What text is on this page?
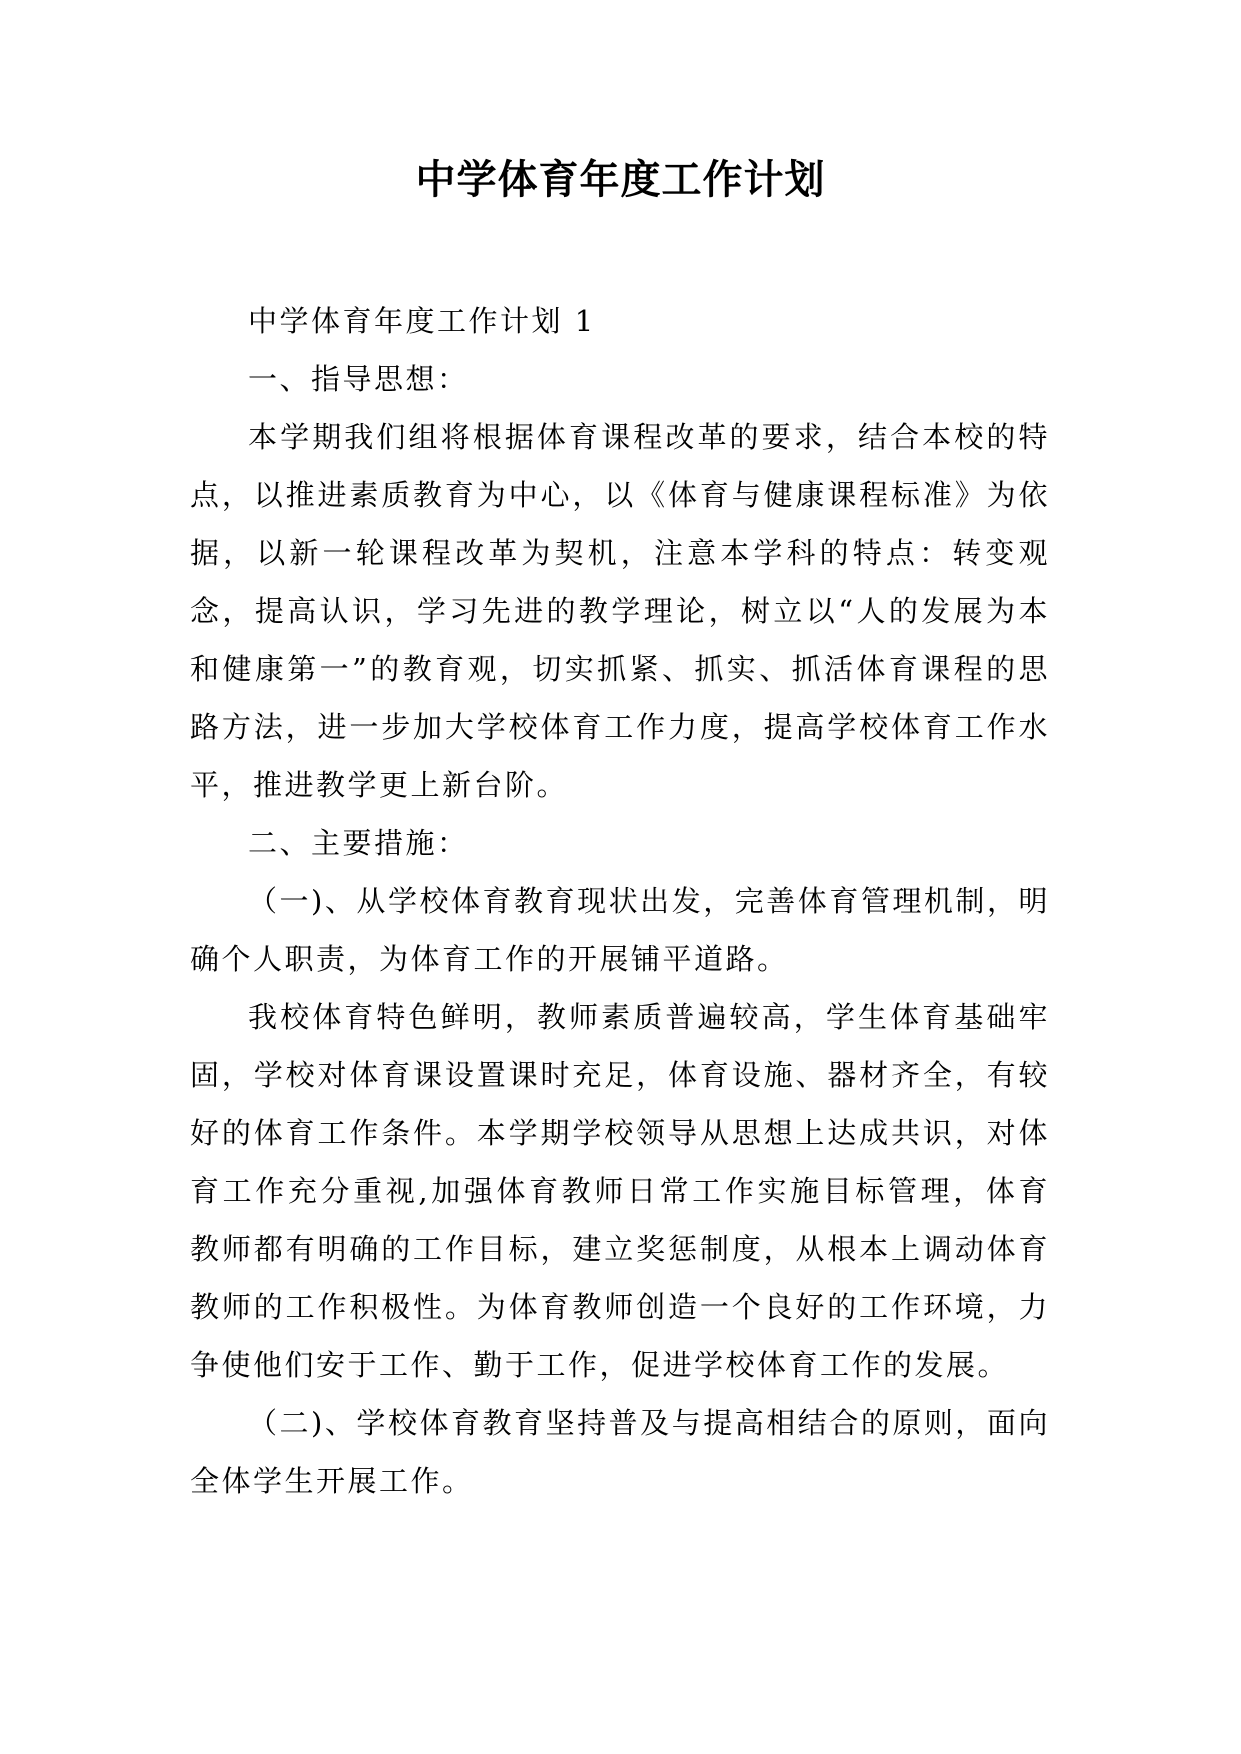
中学体育年度工作计划

中学体育年度工作计划 1

一、指导思想：

本学期我们组将根据体育课程改革的要求，结合本校的特点，以推进素质教育为中心，以《体育与健康课程标准》为依据，以新一轮课程改革为契机，注意本学科的特点：转变观念，提高认识，学习先进的教学理论，树立以“人的发展为本和健康第一”的教育观，切实抓紧、抓实、抓活体育课程的思路方法，进一步加大学校体育工作力度，提高学校体育工作水平，推进教学更上新台阶。

二、主要措施：

（一)、从学校体育教育现状出发，完善体育管理机制，明确个人职责，为体育工作的开展铺平道路。

我校体育特色鲜明，教师素质普遍较高，学生体育基础牢固，学校对体育课设置课时充足，体育设施、器材齐全，有较好的体育工作条件。本学期学校领导从思想上达成共识，对体育工作充分重视,加强体育教师日常工作实施目标管理，体育教师都有明确的工作目标，建立奖惩制度，从根本上调动体育教师的工作积极性。为体育教师创造一个良好的工作环境，力争使他们安于工作、勤于工作，促进学校体育工作的发展。

（二)、学校体育教育坚持普及与提高相结合的原则，面向全体学生开展工作。
